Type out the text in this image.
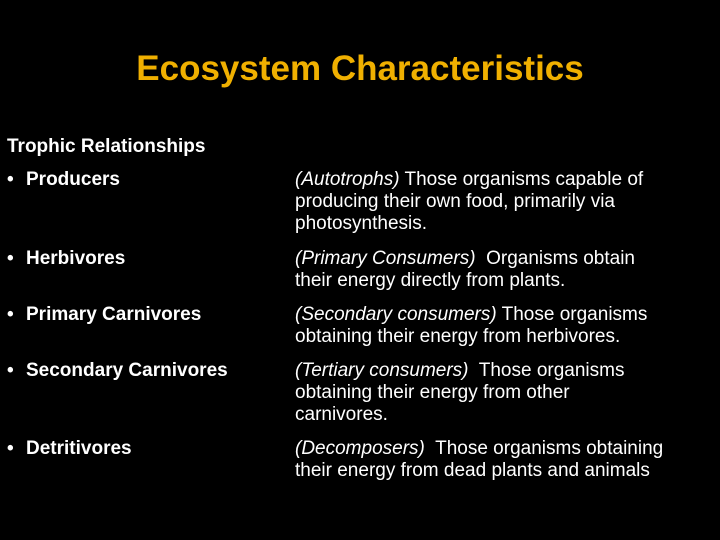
Ecosystem Characteristics
Trophic Relationships
• Producers
• Herbivores
• Primary Carnivores
• Secondary Carnivores
• Detritivores
(Autotrophs) Those organisms capable of
producing their own food, primarily via
photosynthesis.
(Primary Consumers)  Organisms obtain
their energy directly from plants.
(Secondary consumers) Those organisms
obtaining their energy from herbivores.
(Tertiary consumers)  Those organisms
obtaining their energy from other
carnivores.
(Decomposers)  Those organisms obtaining
their energy from dead plants and animals
